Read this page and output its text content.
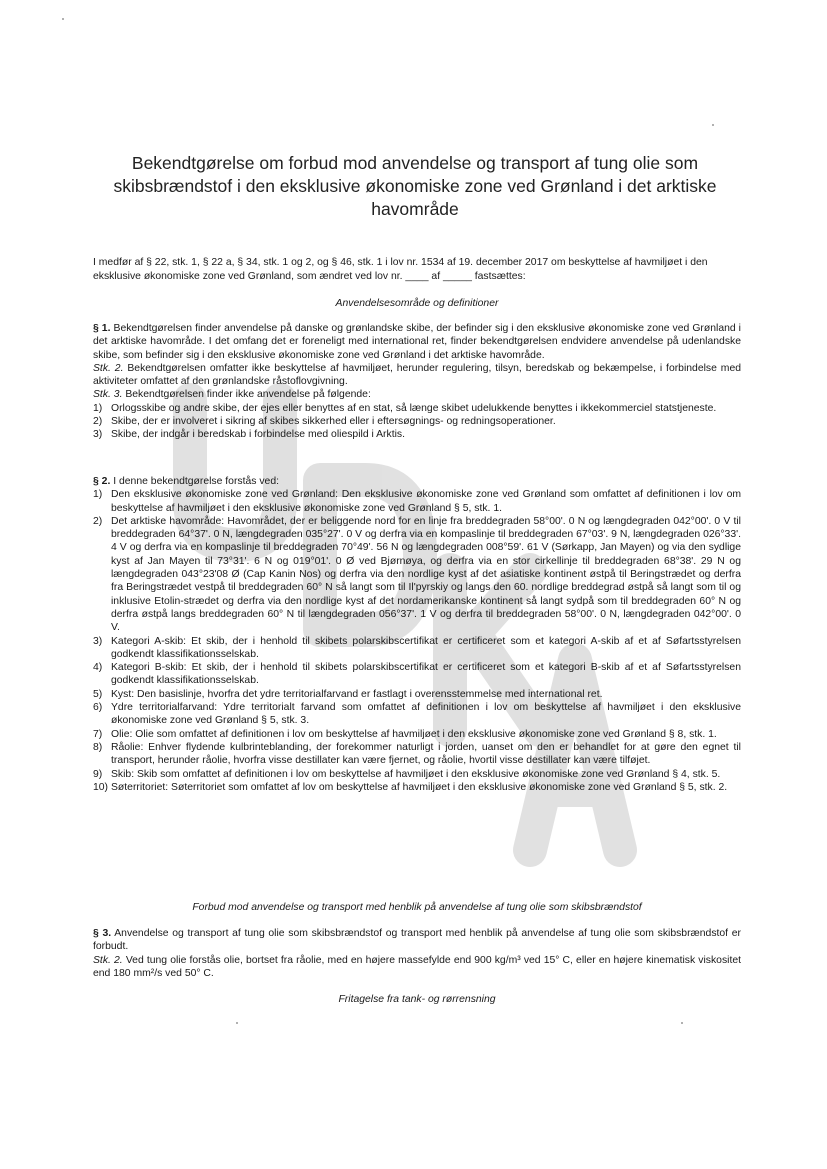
Bekendtgørelse om forbud mod anvendelse og transport af tung olie som skibsbrændstof i den eksklusive økonomiske zone ved Grønland i det arktiske havområde

I medfør af § 22, stk. 1, § 22 a, § 34, stk. 1 og 2, og § 46, stk. 1 i lov nr. 1534 af 19. december 2017 om beskyttelse af havmiljøet i den eksklusive økonomiske zone ved Grønland, som ændret ved lov nr. ____ af _____ fastsættes:

Anvendelsesområde og definitioner

§ 1. Bekendtgørelsen finder anvendelse på danske og grønlandske skibe, der befinder sig i den eksklusive økonomiske zone ved Grønland i det arktiske havområde. I det omfang det er foreneligt med international ret, finder bekendtgørelsen endvidere anvendelse på udenlandske skibe, som befinder sig i den eksklusive økonomiske zone ved Grønland i det arktiske havområde.

Stk. 2. Bekendtgørelsen omfatter ikke beskyttelse af havmiljøet, herunder regulering, tilsyn, beredskab og bekæmpelse, i forbindelse med aktiviteter omfattet af den grønlandske råstoflovgivning.

Stk. 3. Bekendtgørelsen finder ikke anvendelse på følgende:

1) Orlogsskibe og andre skibe, der ejes eller benyttes af en stat, så længe skibet udelukkende benyttes i ikkekommerciel statstjeneste.
2) Skibe, der er involveret i sikring af skibes sikkerhed eller i eftersøgnings- og redningsoperationer.
3) Skibe, der indgår i beredskab i forbindelse med oliespild i Arktis.

§ 2. I denne bekendtgørelse forstås ved:

1) Den eksklusive økonomiske zone ved Grønland: Den eksklusive økonomiske zone ved Grønland som omfattet af definitionen i lov om beskyttelse af havmiljøet i den eksklusive økonomiske zone ved Grønland § 5, stk. 1.
2) Det arktiske havområde: Havområdet, der er beliggende nord for en linje fra breddegraden 58°00'. 0 N og længdegraden 042°00'. 0 V til breddegraden 64°37'. 0 N, længdegraden 035°27'. 0 V og derfra via en kompaslinje til breddegraden 67°03'. 9 N, længdegraden 026°33'. 4 V og derfra via en kompaslinje til breddegraden 70°49'. 56 N og længdegraden 008°59'. 61 V (Sørkapp, Jan Mayen) og via den sydlige kyst af Jan Mayen til 73°31'. 6 N og 019°01'. 0 Ø ved Bjørnøya, og derfra via en stor cirkellinje til breddegraden 68°38'. 29 N og længdegraden 043°23'08 Ø (Cap Kanin Nos) og derfra via den nordlige kyst af det asiatiske kontinent østpå til Beringstrædet og derfra fra Beringstrædet vestpå til breddegraden 60° N så langt som til Il'pyrskiy og langs den 60. nordlige breddegrad østpå så langt som til og inklusive Etolin-strædet og derfra via den nordlige kyst af det nordamerikanske kontinent så langt sydpå som til breddegraden 60° N og derfra østpå langs breddegraden 60° N til længdegraden 056°37'. 1 V og derfra til breddegraden 58°00'. 0 N, længdegraden 042°00'. 0 V.
3) Kategori A-skib: Et skib, der i henhold til skibets polarskibscertifikat er certificeret som et kategori A-skib af et af Søfartsstyrelsen godkendt klassifikationsselskab.
4) Kategori B-skib: Et skib, der i henhold til skibets polarskibscertifikat er certificeret som et kategori B-skib af et af Søfartsstyrelsen godkendt klassifikationsselskab.
5) Kyst: Den basislinje, hvorfra det ydre territorialfarvand er fastlagt i overensstemmelse med international ret.
6) Ydre territorialfarvand: Ydre territorialt farvand som omfattet af definitionen i lov om beskyttelse af havmiljøet i den eksklusive økonomiske zone ved Grønland § 5, stk. 3.
7) Olie: Olie som omfattet af definitionen i lov om beskyttelse af havmiljøet i den eksklusive økonomiske zone ved Grønland § 8, stk. 1.
8) Råolie: Enhver flydende kulbrinteblanding, der forekommer naturligt i jorden, uanset om den er behandlet for at gøre den egnet til transport, herunder råolie, hvorfra visse destillater kan være fjernet, og råolie, hvortil visse destillater kan være tilføjet.
9) Skib: Skib som omfattet af definitionen i lov om beskyttelse af havmiljøet i den eksklusive økonomiske zone ved Grønland § 4, stk. 5.
10) Søterritoriet: Søterritoriet som omfattet af lov om beskyttelse af havmiljøet i den eksklusive økonomiske zone ved Grønland § 5, stk. 2.

Forbud mod anvendelse og transport med henblik på anvendelse af tung olie som skibsbrændstof

§ 3. Anvendelse og transport af tung olie som skibsbrændstof og transport med henblik på anvendelse af tung olie som skibsbrændstof er forbudt.

Stk. 2. Ved tung olie forstås olie, bortset fra råolie, med en højere massefylde end 900 kg/m³ ved 15° C, eller en højere kinematisk viskositet end 180 mm²/s ved 50° C.

Fritagelse fra tank- og rørrensning
